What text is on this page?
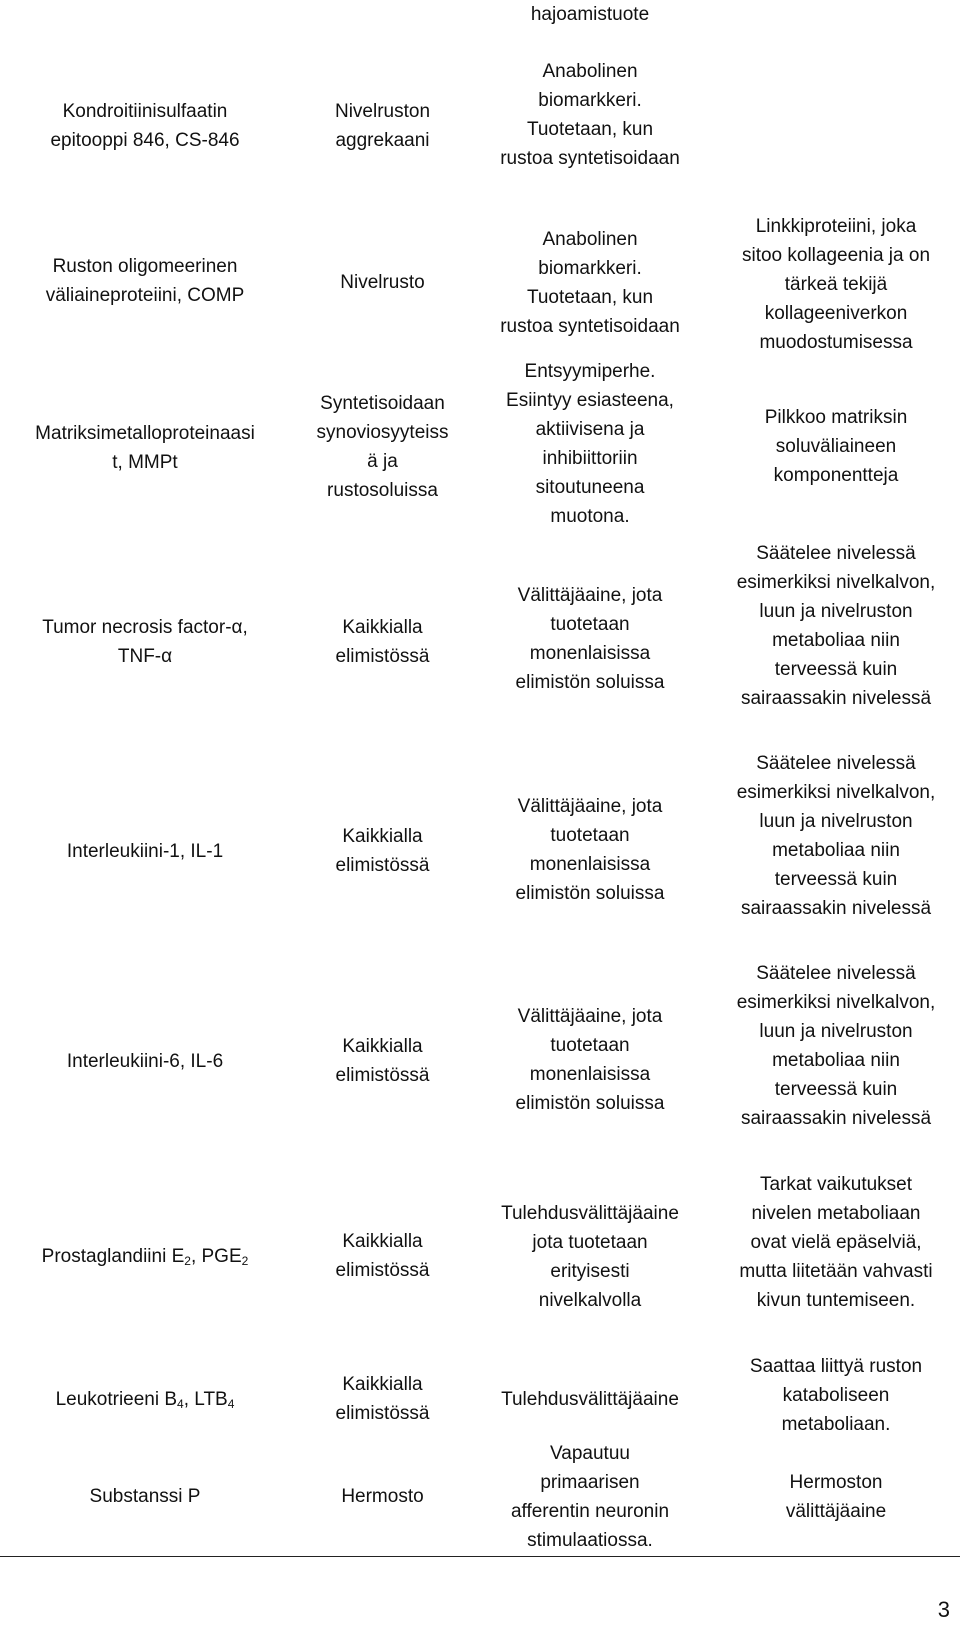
hajoamistuote
Kondroitiinisulfaatin
epitooppi 846, CS-846
Nivelruston
aggrekaani
Anabolinen
biomarkkeri.
Tuotetaan, kun
rustoa syntetisoidaan
Ruston oligomeerinen
väliaineproteiini, COMP
Nivelrusto
Anabolinen
biomarkkeri.
Tuotetaan, kun
rustoa syntetisoidaan
Linkkiproteiini, joka
sitoo kollageenia ja on
tärkeä tekijä
kollageeniverkon
muodostumisessa
Matriksimetalloproteinaasi
t, MMPt
Syntetisoidaan
synoviosyyteiss
ä ja
rustosoluissa
Entsyymiperhe.
Esiintyy esiasteena,
aktiivisena ja
inhibiittoriin
sitoutuneena
muotona.
Pilkkoo matriksin
soluväliaineen
komponentteja
Tumor necrosis factor-α,
TNF-α
Kaikkialla
elimistössä
Välittäjäaine, jota
tuotetaan
monenlaisissa
elimistön soluissa
Säätelee nivelessä
esimerkiksi nivelkalvon,
luun ja nivelruston
metaboliaa niin
terveessä kuin
sairaassakin nivelessä
Interleukiini-1, IL-1
Kaikkialla
elimistössä
Välittäjäaine, jota
tuotetaan
monenlaisissa
elimistön soluissa
Säätelee nivelessä
esimerkiksi nivelkalvon,
luun ja nivelruston
metaboliaa niin
terveessä kuin
sairaassakin nivelessä
Interleukiini-6, IL-6
Kaikkialla
elimistössä
Välittäjäaine, jota
tuotetaan
monenlaisissa
elimistön soluissa
Säätelee nivelessä
esimerkiksi nivelkalvon,
luun ja nivelruston
metaboliaa niin
terveessä kuin
sairaassakin nivelessä
Prostaglandiini $E_2$, $PGE_2$
Kaikkialla
elimistössä
Tulehdusvälittäjäaine
jota tuotetaan
erityisesti
nivelkalvolla
Tarkat vaikutukset
nivelen metaboliaan
ovat vielä epäselviä,
mutta liitetään vahvasti
kivun tuntemiseen.
Leukotrieeni $B_4$, $LTB_4$
Kaikkialla
elimistössä
Tulehdusvälittäjäaine
Saattaa liittyä ruston
kataboliseen
metaboliaan.
Substanssi P	Hermosto
Vapautuu
primaarisen
afferentin neuronin
stimulaatiossa.
Hermoston
välittäjäaine
3
